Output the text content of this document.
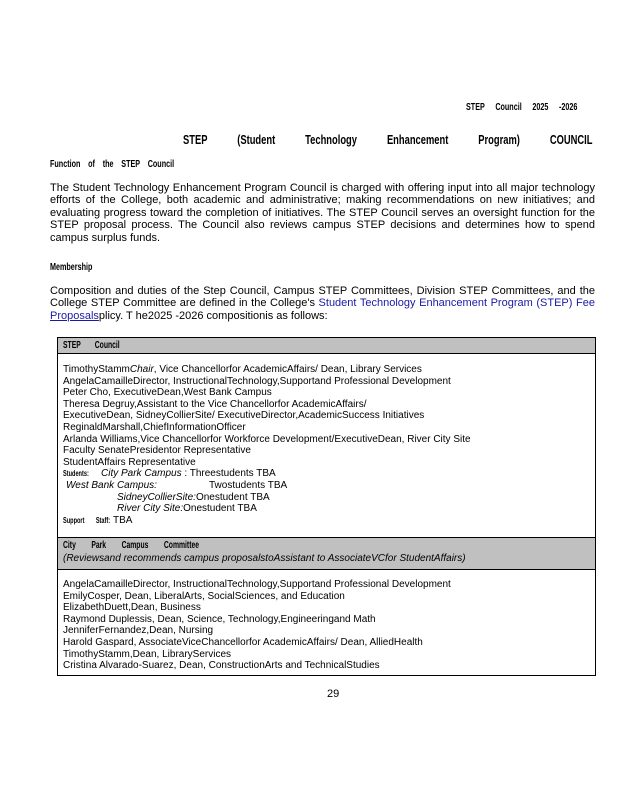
STEP Council 2025 -2026
STEP (Student Technology Enhancement Program) COUNCIL
Function of the STEP Council
The Student Technology Enhancement Program Council is charged with offering input into all major technology efforts of the College, both academic and administrative; making recommendations on new initiatives; and evaluating progress toward the completion of initiatives. The STEP Council serves an oversight function for the STEP proposal process. The Council also reviews campus STEP decisions and determines how to spend campus surplus funds.
Membership
Composition and duties of the Step Council, Campus STEP Committees, Division STEP Committees, and the College STEP Committee are defined in the College's Student Technology Enhancement Program (STEP) Fee Proposalsplicy. T he2025 -2026 compositionis as follows:
STEP Council
TimothyStammChair, Vice Chancellorfor AcademicAffairs/ Dean, Library Services
AngelaCamailleDirector, InstructionalTechnology,Supportand Professional Development
Peter Cho, ExecutiveDean,West Bank Campus
Theresa Degruy,Assistant to the Vice Chancellorfor AcademicAffairs/
ExecutiveDean, SidneyCollierSite/ ExecutiveDirector,AcademicSuccess Initiatives
ReginaldMarshall,ChiefInformationOfficer
Arlanda Williams,Vice Chancellorfor Workforce Development/ExecutiveDean, River City Site
Faculty SenatePresidentor Representative
StudentAffairs Representative
Students: City Park Campus : Threestudents TBA
West Bank Campus:	Twostudents TBA
SidneyCollierSite:Onestudent TBA
River City Site:Onestudent TBA
Support Staff: TBA
City Park Campus Committee
(Reviewsand recommends campus proposalstoAssistant to AssociateVCfor StudentAffairs)
AngelaCamailleDirector, InstructionalTechnology,Supportand Professional Development
EmilyCosper, Dean, LiberalArts, SocialSciences, and Education
ElizabethDuett,Dean, Business
Raymond Duplessis, Dean, Science, Technology,Engineeringand Math
JenniferFernandez,Dean, Nursing
Harold Gaspard, AssociateViceChancellorfor AcademicAffairs/ Dean, AlliedHealth
TimothyStamm,Dean, LibraryServices
Cristina Alvarado-Suarez, Dean, ConstructionArts and TechnicalStudies
29
